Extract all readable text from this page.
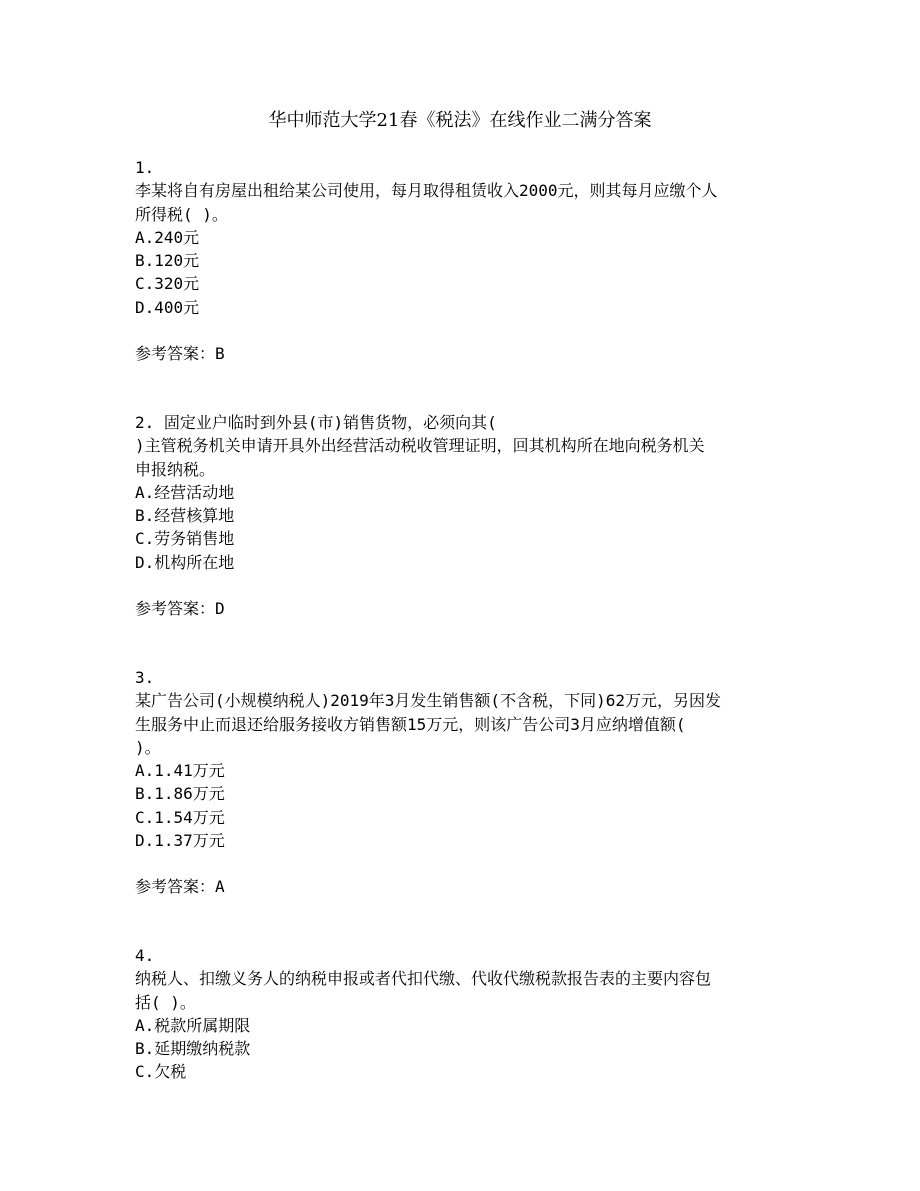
华中师范大学21春《税法》在线作业二满分答案
1.
李某将自有房屋出租给某公司使用，每月取得租赁收入2000元，则其每月应缴个人
所得税( )。
A.240元
B.120元
C.320元
D.400元
参考答案：B
2. 固定业户临时到外县(市)销售货物，必须向其(
)主管税务机关申请开具外出经营活动税收管理证明，回其机构所在地向税务机关
申报纳税。
A.经营活动地
B.经营核算地
C.劳务销售地
D.机构所在地
参考答案：D
3.
某广告公司(小规模纳税人)2019年3月发生销售额(不含税，下同)62万元，另因发
生服务中止而退还给服务接收方销售额15万元，则该广告公司3月应纳增值额(
)。
A.1.41万元
B.1.86万元
C.1.54万元
D.1.37万元
参考答案：A
4.
纳税人、扣缴义务人的纳税申报或者代扣代缴、代收代缴税款报告表的主要内容包
括( )。
A.税款所属期限
B.延期缴纳税款
C.欠税
